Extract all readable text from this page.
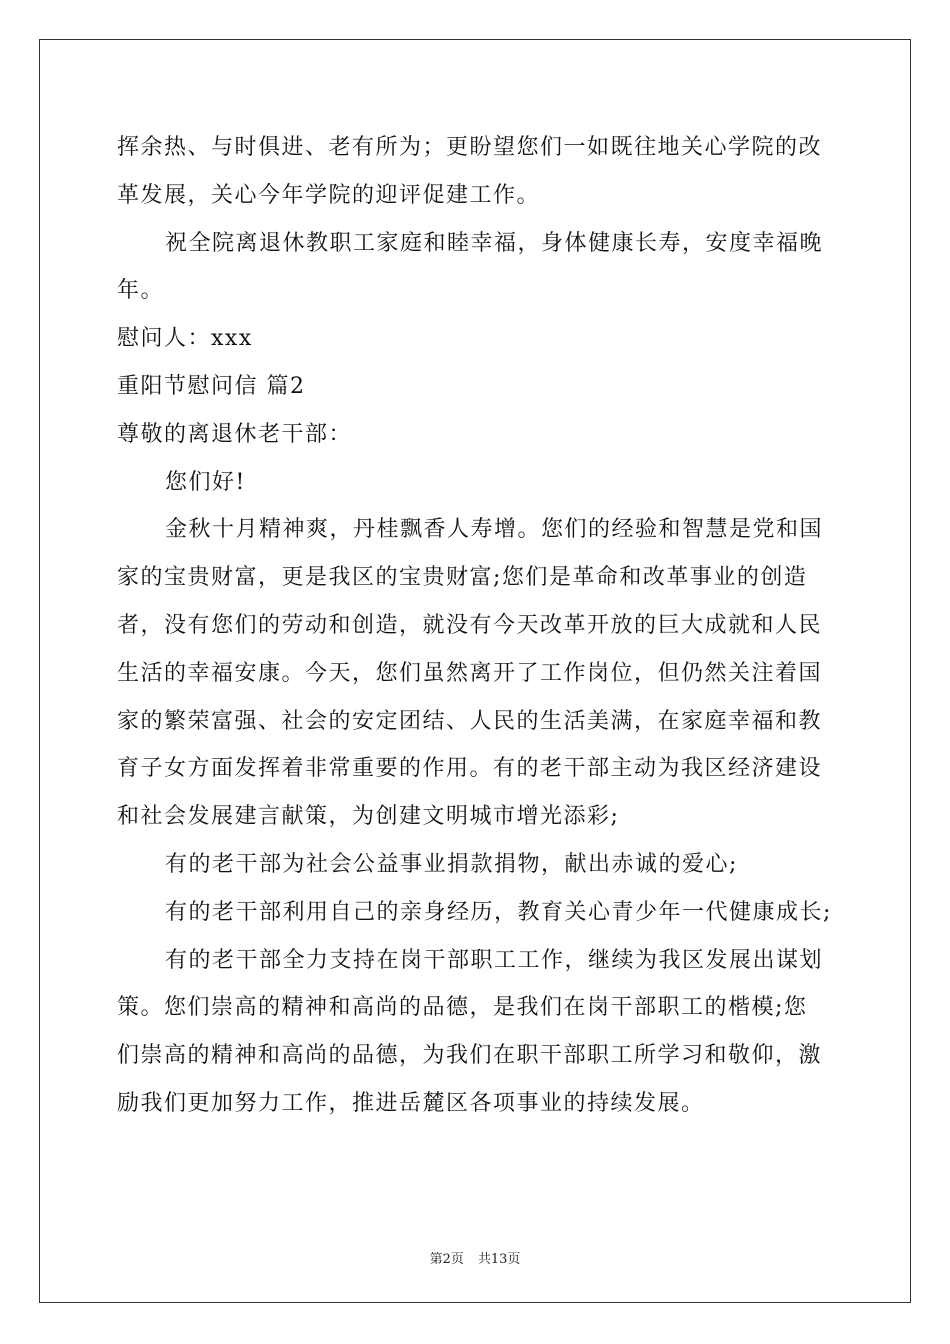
挥余热、与时俱进、老有所为；更盼望您们一如既往地关心学院的改
革发展，关心今年学院的迎评促建工作。
祝全院离退休教职工家庭和睦幸福，身体健康长寿，安度幸福晚
年。
慰问人：xxx
重阳节慰问信 篇2
尊敬的离退休老干部：
您们好!
金秋十月精神爽，丹桂飘香人寿增。您们的经验和智慧是党和国
家的宝贵财富，更是我区的宝贵财富;您们是革命和改革事业的创造
者，没有您们的劳动和创造，就没有今天改革开放的巨大成就和人民
生活的幸福安康。今天，您们虽然离开了工作岗位，但仍然关注着国
家的繁荣富强、社会的安定团结、人民的生活美满，在家庭幸福和教
育子女方面发挥着非常重要的作用。有的老干部主动为我区经济建设
和社会发展建言献策，为创建文明城市增光添彩;
有的老干部为社会公益事业捐款捐物，献出赤诚的爱心;
有的老干部利用自己的亲身经历，教育关心青少年一代健康成长;
有的老干部全力支持在岗干部职工工作，继续为我区发展出谋划
策。您们崇高的精神和高尚的品德，是我们在岗干部职工的楷模;您
们崇高的精神和高尚的品德，为我们在职干部职工所学习和敬仰，激
励我们更加努力工作，推进岳麓区各项事业的持续发展。
第2页 共13页
